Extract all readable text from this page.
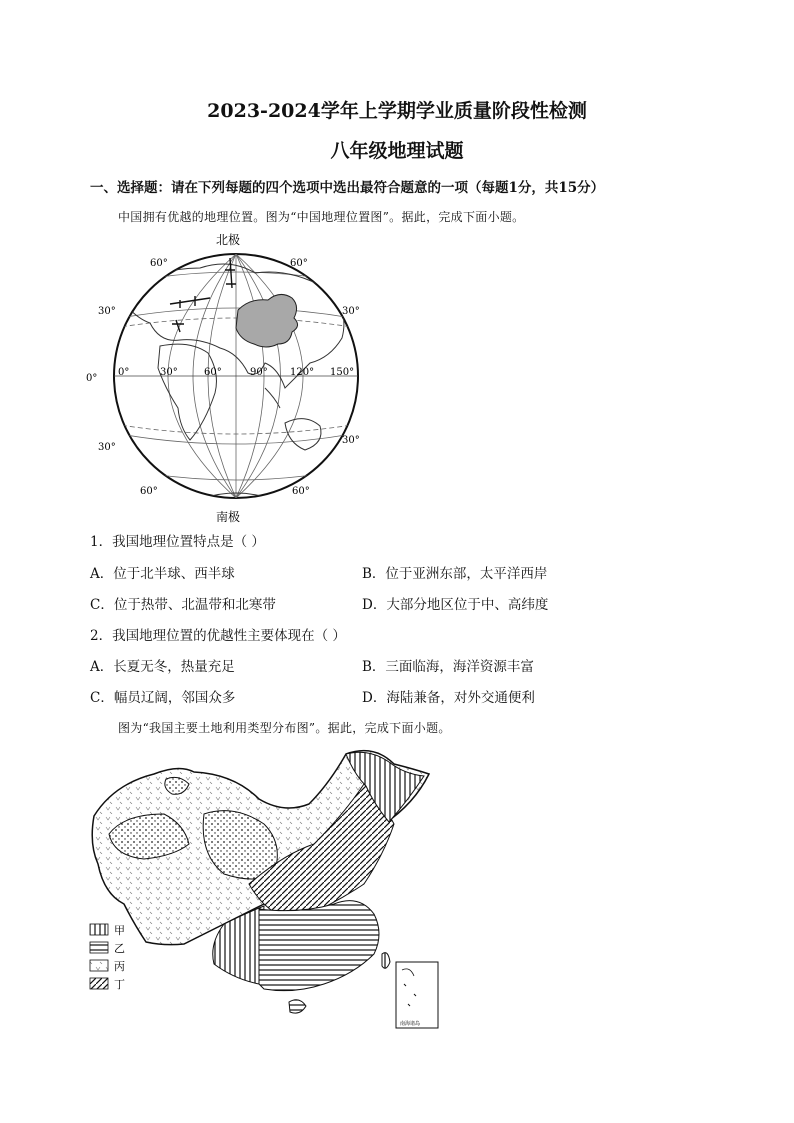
2023-2024学年上学期学业质量阶段性检测
八年级地理试题
一、选择题：请在下列每题的四个选项中选出最符合题意的一项（每题1分，共15分）
中国拥有优越的地理位置。图为“中国地理位置图”。据此，完成下面小题。
北极
南极
60°	60°
30°	30°
0°
30°
30°
60°	60°
0°	30°	60°	90° 120° 150°
1．我国地理位置特点是（ ）
A．位于北半球、西半球	B．位于亚洲东部，太平洋西岸
C．位于热带、北温带和北寒带	D．大部分地区位于中、高纬度
2．我国地理位置的优越性主要体现在（ ）
A．长夏无冬，热量充足	B．三面临海，海洋资源丰富
C．幅员辽阔，邻国众多	D．海陆兼备，对外交通便利
图为“我国主要土地利用类型分布图”。据此，完成下面小题。
南海诸岛
甲
乙
丙
丁
